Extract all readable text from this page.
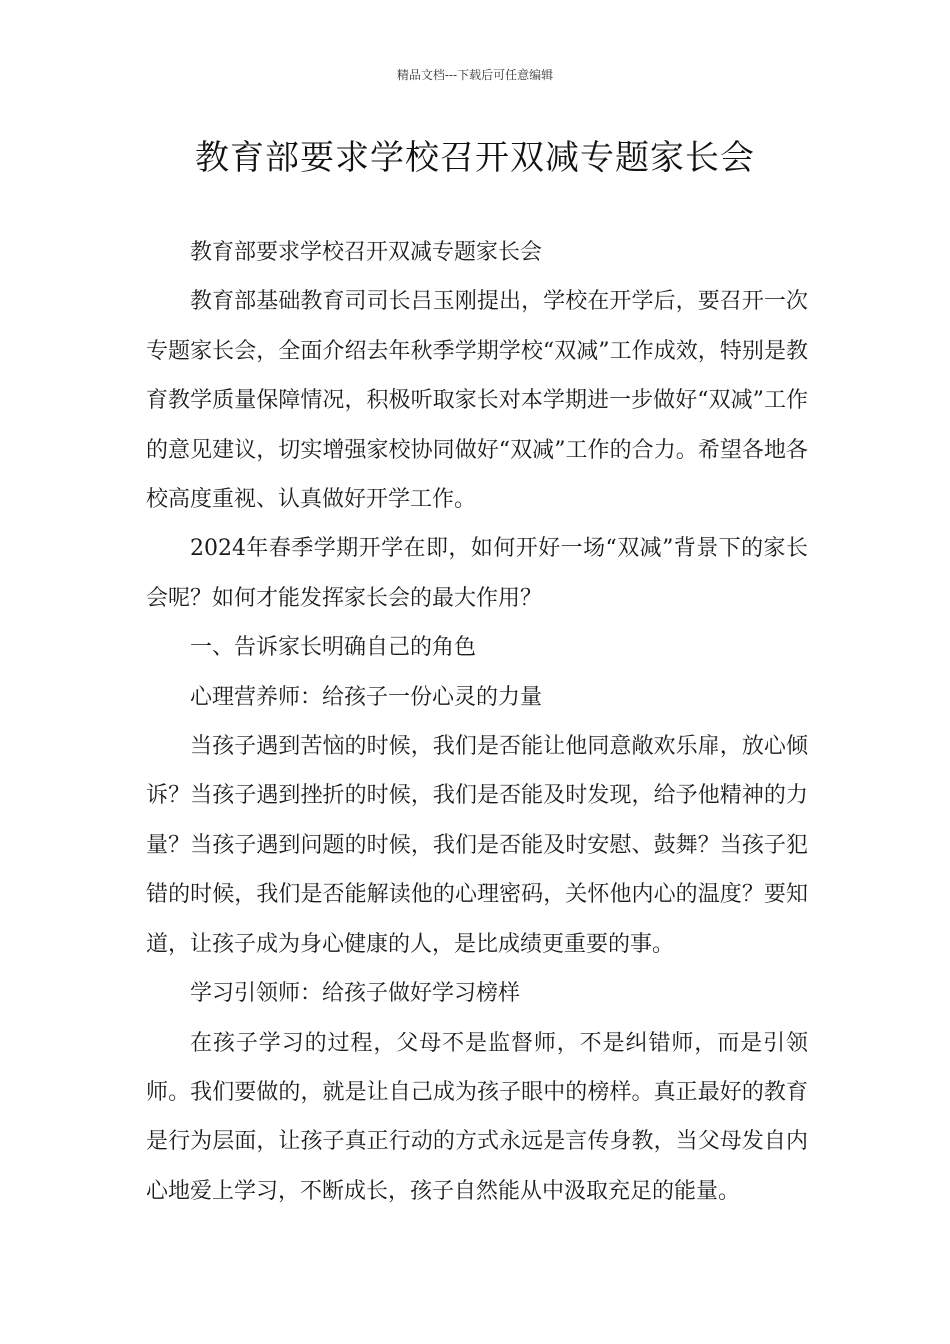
精品文档---下载后可任意编辑
教育部要求学校召开双减专题家长会

教育部要求学校召开双减专题家长会

教育部基础教育司司长吕玉刚提出，学校在开学后，要召开一次专题家长会，全面介绍去年秋季学期学校“双减”工作成效，特别是教育教学质量保障情况，积极听取家长对本学期进一步做好“双减”工作的意见建议，切实增强家校协同做好“双减”工作的合力。希望各地各校高度重视、认真做好开学工作。

2024年春季学期开学在即，如何开好一场“双减”背景下的家长会呢？如何才能发挥家长会的最大作用？

一、告诉家长明确自己的角色

心理营养师：给孩子一份心灵的力量

当孩子遇到苦恼的时候，我们是否能让他同意敞欢乐扉，放心倾诉？当孩子遇到挫折的时候，我们是否能及时发现，给予他精神的力量？当孩子遇到问题的时候，我们是否能及时安慰、鼓舞？当孩子犯错的时候，我们是否能解读他的心理密码，关怀他内心的温度？要知道，让孩子成为身心健康的人，是比成绩更重要的事。

学习引领师：给孩子做好学习榜样

在孩子学习的过程，父母不是监督师，不是纠错师，而是引领师。我们要做的，就是让自己成为孩子眼中的榜样。真正最好的教育是行为层面，让孩子真正行动的方式永远是言传身教，当父母发自内心地爱上学习，不断成长，孩子自然能从中汲取充足的能量。
